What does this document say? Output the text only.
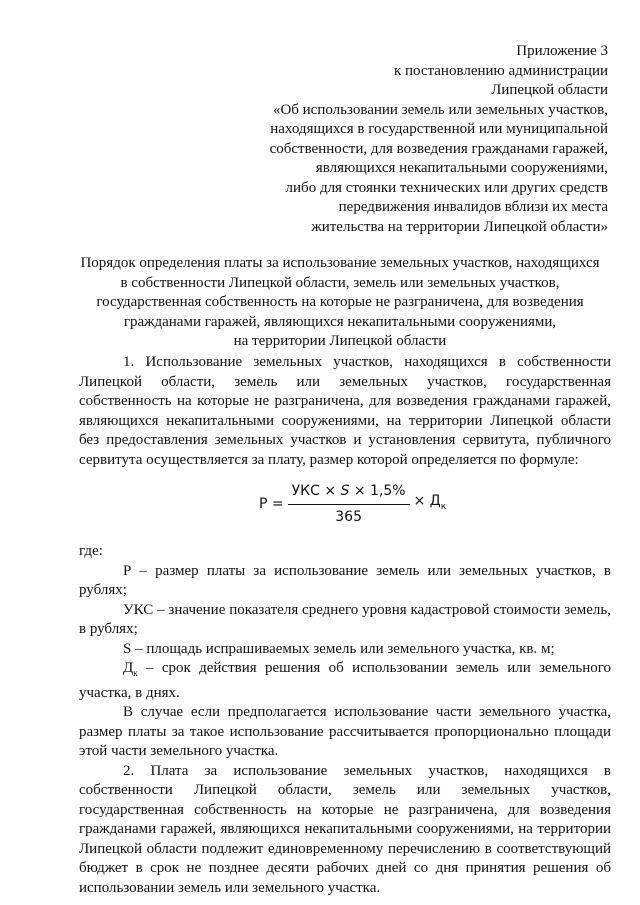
Приложение 3
к постановлению администрации
Липецкой области
«Об использовании земель или земельных участков,
находящихся в государственной или муниципальной
собственности, для возведения гражданами гаражей,
являющихся некапитальными сооружениями,
либо для стоянки технических или других средств
передвижения инвалидов вблизи их места
жительства на территории Липецкой области»
Порядок определения платы за использование земельных участков, находящихся
в собственности Липецкой области, земель или земельных участков,
государственная собственность на которые не разграничена, для возведения
гражданами гаражей, являющихся некапитальными сооружениями,
на территории Липецкой области

1. Использование земельных участков, находящихся в собственности Липецкой области, земель или земельных участков, государственная собственность на которые не разграничена, для возведения гражданами гаражей, являющихся некапитальными сооружениями, на территории Липецкой области без предоставления земельных участков и установления сервитута, публичного сервитута осуществляется за плату, размер которой определяется по формуле:

$Р = \frac{\text{УКС × S × 1,5\%}}{365} \times Д_к$

где:

Р – размер платы за использование земель или земельных участков, в рублях;

УКС – значение показателя среднего уровня кадастровой стоимости земель, в рублях;

S – площадь испрашиваемых земель или земельного участка, кв. м;

$Д_к$ – срок действия решения об использовании земель или земельного участка, в днях.

В случае если предполагается использование части земельного участка, размер платы за такое использование рассчитывается пропорционально площади этой части земельного участка.

2. Плата за использование земельных участков, находящихся в собственности Липецкой области, земель или земельных участков, государственная собственность на которые не разграничена, для возведения гражданами гаражей, являющихся некапитальными сооружениями, на территории Липецкой области подлежит единовременному перечислению в соответствующий бюджет в срок не позднее десяти рабочих дней со дня принятия решения об использовании земель или земельного участка.
